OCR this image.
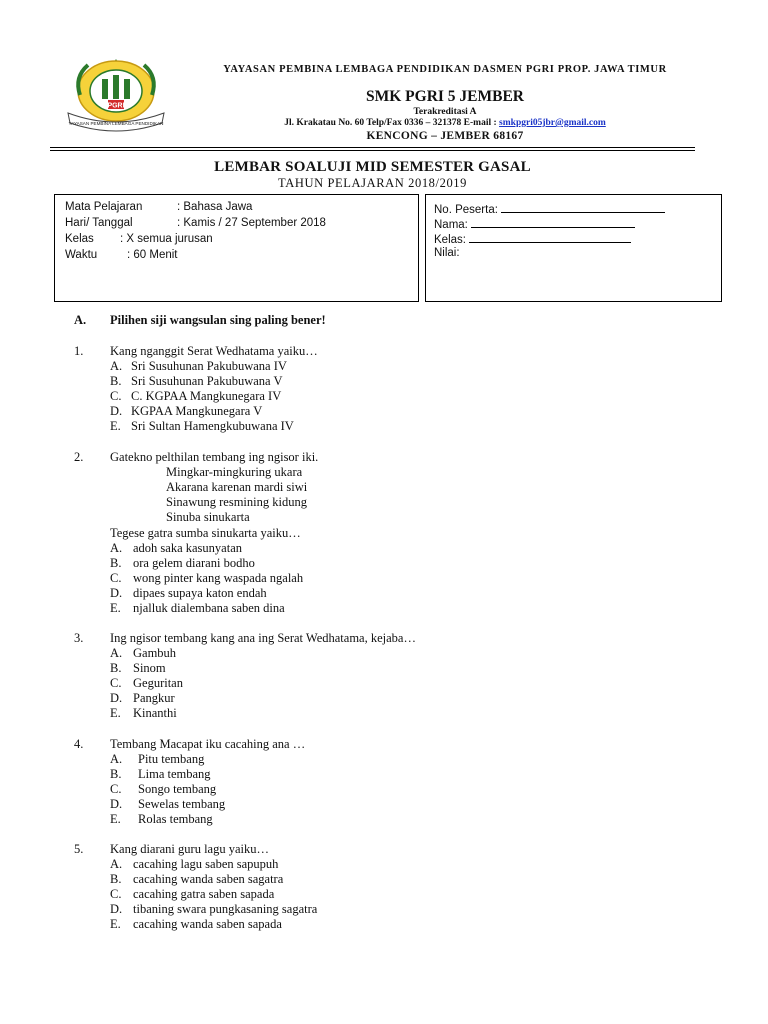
PGRI
YAYASAN PEMBINA LEMBAGA PENDIDIKAN
YAYASAN PEMBINA LEMBAGA PENDIDIKAN DASMEN PGRI PROP. JAWA TIMUR
SMK PGRI 5 JEMBER
Terakreditasi A
Jl. Krakatau No. 60 Telp/Fax 0336 – 321378 E-mail : smkpgri05jbr@gmail.com
KENCONG – JEMBER 68167
LEMBAR SOALUJI MID SEMESTER GASAL
TAHUN PELAJARAN 2018/2019
Mata Pelajaran	: Bahasa Jawa
Hari/ Tanggal	: Kamis / 27 September 2018
Kelas : X semua jurusan
Waktu	: 60 Menit
No. Peserta:
Nama:
Kelas:
Nilai:
A. Pilihen siji wangsulan sing paling bener!
1. Kang nganggit Serat Wedhatama yaiku…
A. Sri Susuhunan Pakubuwana IV
B. Sri Susuhunan Pakubuwana V
C. C. KGPAA Mangkunegara IV
D. KGPAA Mangkunegara V
E. Sri Sultan Hamengkubuwana IV
2. Gatekno pelthilan tembang ing ngisor iki.
Mingkar-mingkuring ukara
Akarana karenan mardi siwi
Sinawung resmining kidung
Sinuba sinukarta
Tegese gatra sumba sinukarta yaiku…
A. adoh saka kasunyatan
B. ora gelem diarani bodho
C. wong pinter kang waspada ngalah
D. dipaes supaya katon endah
E. njalluk dialembana saben dina
3. Ing ngisor tembang kang ana ing Serat Wedhatama, kejaba…
A. Gambuh
B. Sinom
C. Geguritan
D. Pangkur
E. Kinanthi
4. Tembang Macapat iku cacahing ana …
A. Pitu tembang
B. Lima tembang
C. Songo tembang
D. Sewelas tembang
E. Rolas tembang
5. Kang diarani guru lagu yaiku…
A. cacahing lagu saben sapupuh
B. cacahing wanda saben sagatra
C. cacahing gatra saben sapada
D. tibaning swara pungkasaning sagatra
E. cacahing wanda saben sapada
